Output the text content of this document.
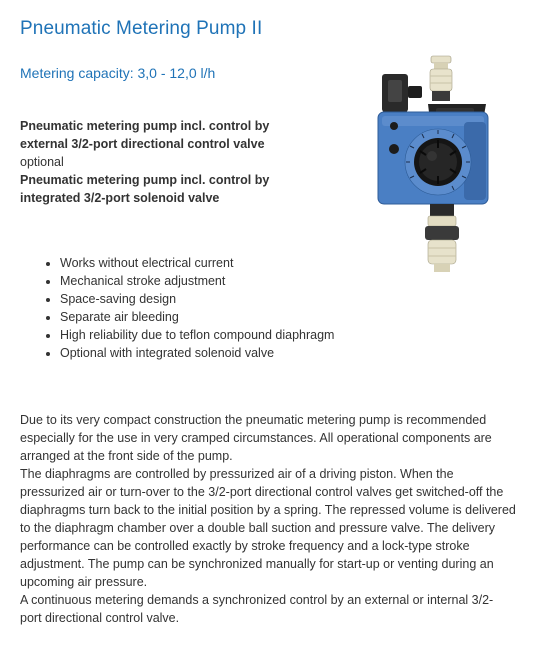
Pneumatic Metering Pump II
Metering capacity: 3,0 - 12,0 l/h
Pneumatic metering pump incl. control by
external 3/2-port directional control valve
optional
Pneumatic metering pump incl. control by
integrated 3/2-port solenoid valve
• Works without electrical current
• Mechanical stroke adjustment
• Space-saving design
• Separate air bleeding
• High reliability due to teflon compound diaphragm
• Optional with integrated solenoid valve

Due to its very compact construction the pneumatic metering pump is recommended

especially for the use in very cramped circumstances. All operational components are

arranged at the front side of the pump.

The diaphragms are controlled by pressurized air of a driving piston. When the

pressurized air or turn-over to the 3/2-port directional control valves get switched-off the

diaphragms turn back to the initial position by a spring. The repressed volume is delivered

to the diaphragm chamber over a double ball suction and pressure valve. The delivery

performance can be controlled exactly by stroke frequency and a lock-type stroke

adjustment. The pump can be synchronized manually for start-up or venting during an

upcoming air pressure.

A continuous metering demands a synchronized control by an external or internal 3/2-

port directional control valve.
